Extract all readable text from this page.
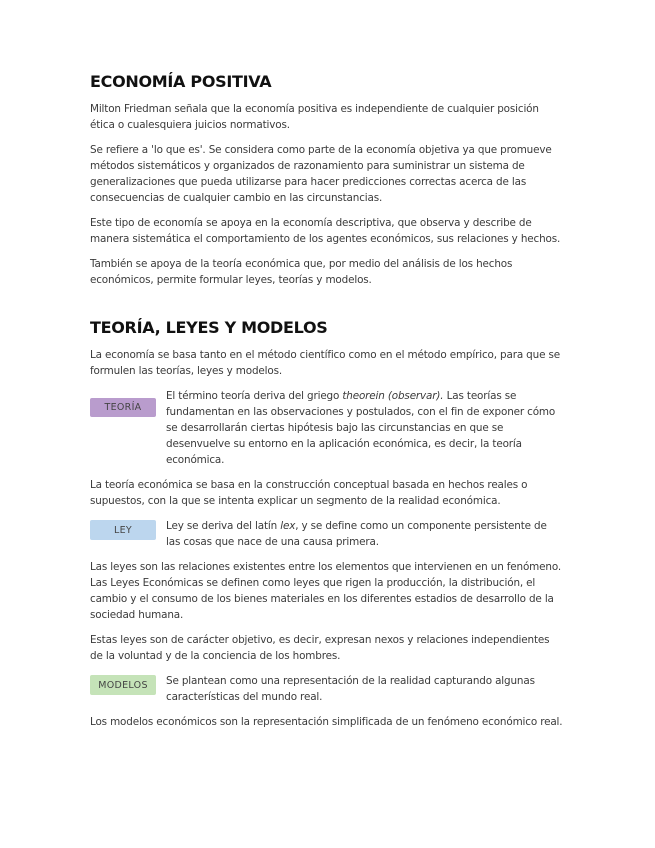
ECONOMÍA POSITIVA

Milton Friedman señala que la economía positiva es independiente de cualquier posición ética o cualesquiera juicios normativos.

Se refiere a 'lo que es'. Se considera como parte de la economía objetiva ya que promueve métodos sistemáticos y organizados de razonamiento para suministrar un sistema de generalizaciones que pueda utilizarse para hacer predicciones correctas acerca de las consecuencias de cualquier cambio en las circunstancias.

Este tipo de economía se apoya en la economía descriptiva, que observa y describe de manera sistemática el comportamiento de los agentes económicos, sus relaciones y hechos.

También se apoya de la teoría económica que, por medio del análisis de los hechos económicos, permite formular leyes, teorías y modelos.

TEORÍA, LEYES Y MODELOS

La economía se basa tanto en el método científico como en el método empírico, para que se formulen las teorías, leyes y modelos.

TEORÍA

El término teoría deriva del griego theorein (observar). Las teorías se fundamentan en las observaciones y postulados, con el fin de exponer cómo se desarrollarán ciertas hipótesis bajo las circunstancias en que se desenvuelve su entorno en la aplicación económica, es decir, la teoría económica.

La teoría económica se basa en la construcción conceptual basada en hechos reales o supuestos, con la que se intenta explicar un segmento de la realidad económica.

LEY	Ley se deriva del latín lex, y se define como un componente persistente de las cosas que nace de una causa primera.

Las leyes son las relaciones existentes entre los elementos que intervienen en un fenómeno. Las Leyes Económicas se definen como leyes que rigen la producción, la distribución, el cambio y el consumo de los bienes materiales en los diferentes estadios de desarrollo de la sociedad humana.

Estas leyes son de carácter objetivo, es decir, expresan nexos y relaciones independientes de la voluntad y de la conciencia de los hombres.

MODELOS	Se plantean como una representación de la realidad capturando algunas características del mundo real.

Los modelos económicos son la representación simplificada de un fenómeno económico real.
